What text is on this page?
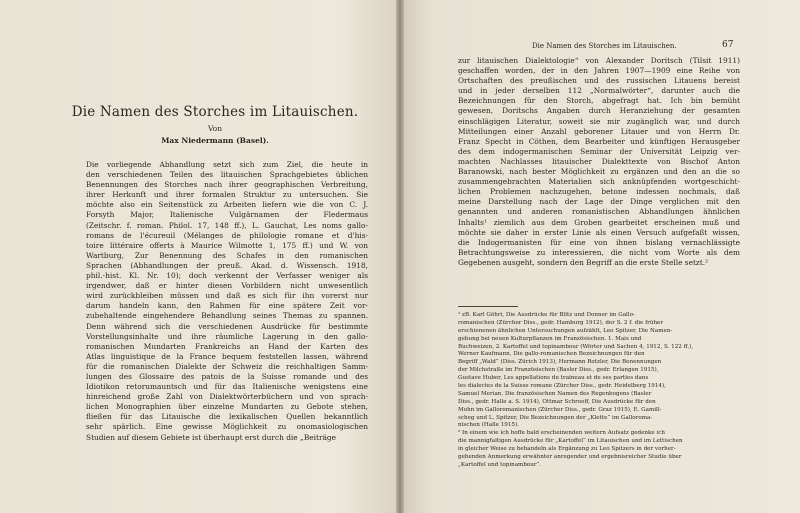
Die Namen des Storches im Litauischen.
Von
Max Niedermann (Basel).
Die vorliegende Abhandlung setzt sich zum Ziel, die heute in
den verschiedenen Teilen des litauischen Sprachgebietes üblichen
Benennungen des Storches nach ihrer geographischen Verbreitung,
ihrer Herkunft und ihrer formalen Struktur zu untersuchen. Sie
möchte also ein Seitenstück zu Arbeiten liefern wie die von C. J.
Forsyth Major, Italienische Vulgärnamen der Fledermaus
(Zeitschr. f. roman. Philol. 17, 148 ff.), L. Gauchat, Les noms gallo-
romans de l'écureuil (Mélanges de philologie romane et d'his-
toire littéraire offerts à Maurice Wilmotte 1, 175 ff.) und W. von
Wartburg, Zur Benennung des Schafes in den romanischen
Sprachen (Abhandlungen der preuß. Akad. d. Wissensch. 1918,
phil.-hist. Kl. Nr. 10); doch verkennt der Verfasser weniger als
irgendwer, daß er hinter diesen Vorbildern nicht unwesentlich
wird zurückbleiben müssen und daß es sich für ihn vorerst nur
darum handeln kann, den Rahmen für eine spätere Zeit vor-
zubehaltende eingehendere Behandlung seines Themas zu spannen.
Denn während sich die verschiedenen Ausdrücke für bestimmte
Vorstellungsinhalte und ihre räumliche Lagerung in den gallo-
romanischen Mundarten Frankreichs an Hand der Karten des
Atlas linguistique de la France bequem feststellen lassen, während
für die romanischen Dialekte der Schweiz die reichhaltigen Samm-
lungen des Glossaire des patois de la Suisse romande und des
Idiotikon retorumauntsch und für das Italienische wenigstens eine
hinreichend große Zahl von Dialektwörterbüchern und von sprach-
lichen Monographien über einzelne Mundarten zu Gebote stehen,
fließen für das Litauische die lexikalischen Quellen bekanntlich
sehr spärlich. Eine gewisse Möglichkeit zu onomasiologischen
Studien auf diesem Gebiete ist überhaupt erst durch die „Beiträge
Die Namen des Storches im Litauischen.	67
zur litauischen Dialektologie“ von Alexander Doritsch (Tilsit 1911)
geschaffen worden, der in den Jahren 1907—1909 eine Reihe von
Ortschaften des preußischen und des russischen Litauens bereist
und in jeder derselben 112 „Normalwörter“, darunter auch die
Bezeichnungen für den Storch, abgefragt hat. Ich bin bemüht
gewesen, Doritschs Angaben durch Heranziehung der gesamten
einschlägigen Literatur, soweit sie mir zugänglich war, und durch
Mitteilungen einer Anzahl geborener Litauer und von Herrn Dr.
Franz Specht in Cöthen, dem Bearbeiter und künftigen Herausgeber
des dem indogermanischen Seminar der Universität Leipzig ver-
machten Nachlasses litauischer Dialekttexte von Bischof Anton
Baranowski, nach bester Möglichkeit zu ergänzen und den an die so
zusammengebrachten Materialien sich anknüpfenden wortgeschicht-
lichen Problemen nachzugehen, betone indessen nochmals, daß
meine Darstellung nach der Lage der Dinge verglichen mit den
genannten und anderen romanistischen Abhandlungen ähnlichen
Inhalts¹ ziemlich aus dem Groben gearbeitet erscheinen muß und
möchte sie daher in erster Linie als einen Versuch aufgefaßt wissen,
die Indogermanisten für eine von ihnen bislang vernachlässigte
Betrachtungsweise zu interessieren, die nicht vom Worte als dem
Gegebenen ausgeht, sondern den Begriff an die erste Stelle setzt.²
¹ zB. Karl Göhri, Die Ausdrücke für Blitz und Donner im Gallo-
romanischen (Zürcher Diss., gedr. Hamburg 1912), der S. 2 f. die früher
erschienenen ähnlichen Untersuchungen aufzählt, Leo Spitzer, Die Namen-
gebung bei neuen Kulturpflanzen im Französischen. 1. Mais und
Buchweizen, 2. Kartoffel und topinambour (Wörter und Sachen 4, 1912, S. 122 ff.),
Werner Kaufmann, Die gallo-romanischen Bezeichnungen für den
Begriff „Wald“ (Diss. Zürich 1913), Hermann Rotzler, Die Benennungen
der Milchstraße im Französischen (Basler Diss., gedr. Erlangen 1915),
Gustave Huber, Les appellations du traîneau et de ses parties dans
les dialectes de la Suisse romane (Zürcher Diss., gedr. Heidelberg 1914),
Samuel Merian, Die französischen Namen des Regenbogens (Basler
Diss., gedr. Halle a. S. 1914), Ottmar Schroeff, Die Ausdrücke für den
Mohn im Galloromanischen (Zürcher Diss., gedr. Graz 1915), E. Gamill-
scheg und L. Spitzer, Die Bezeichnungen der „Klette“ im Galloroma-
nischen (Halle 1915).
² In einem wie ich hoffe bald erscheinenden weitern Aufsatz gedenke ich
die mannigfaltigen Ausdrücke für „Kartoffel“ im Litauischen und im Lettischen
in gleicher Weise zu behandeln als Ergänzung zu Leo Spitzers in der vorher-
gehenden Anmerkung erwähnter anregender und ergebnisreicher Studie über
„Kartoffel und topinambour“.
